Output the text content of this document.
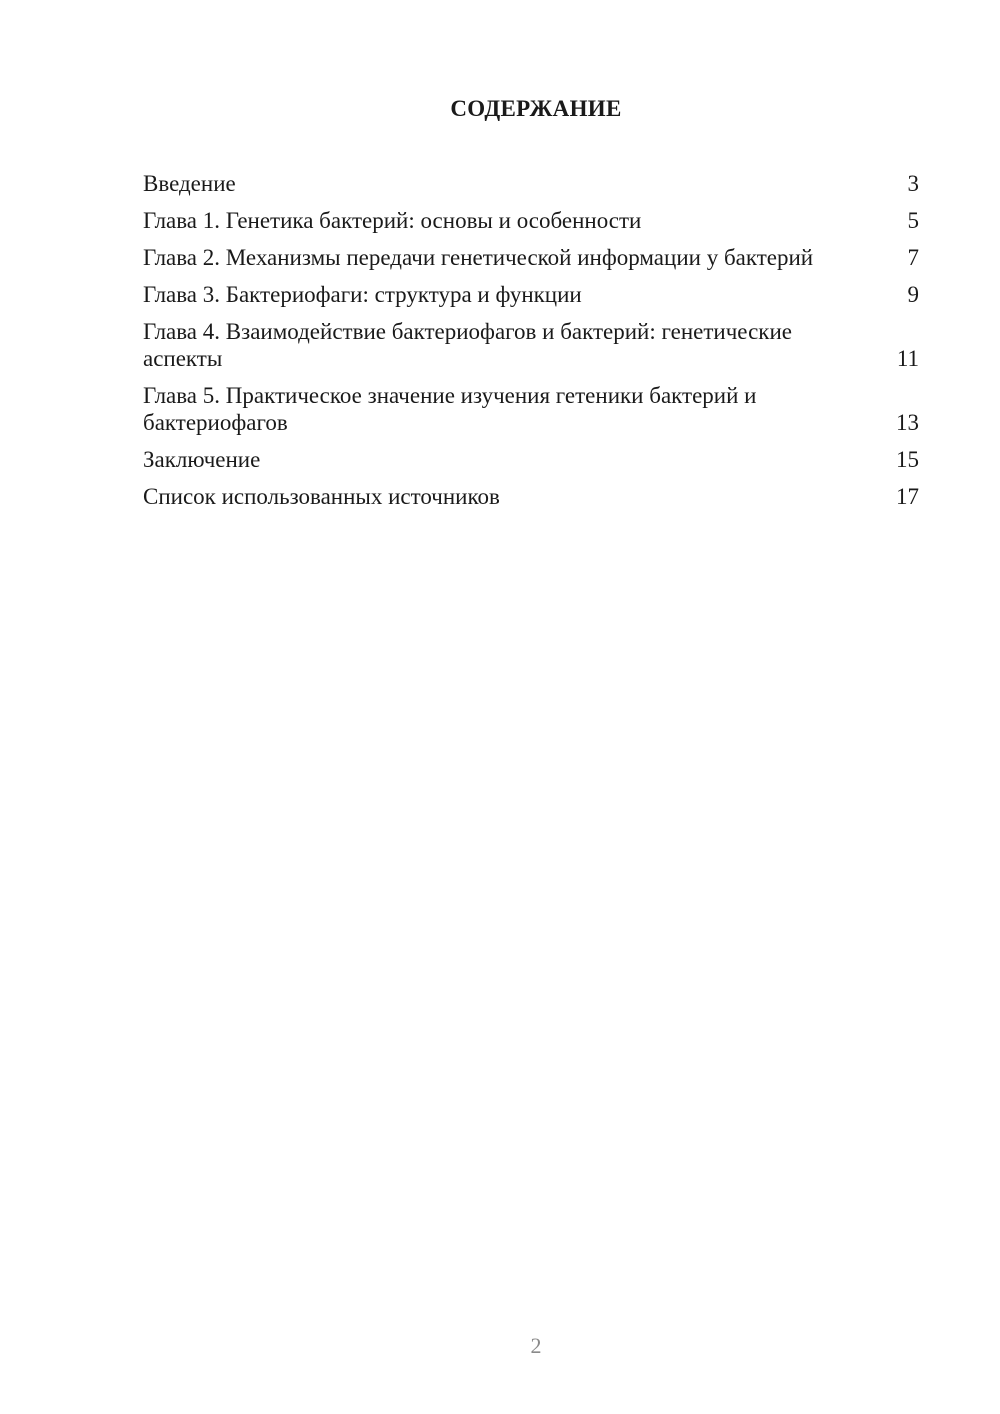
СОДЕРЖАНИЕ
Введение	3
Глава 1. Генетика бактерий: основы и особенности	5
Глава 2. Механизмы передачи генетической информации у бактерий	7
Глава 3. Бактериофаги: структура и функции	9
Глава 4. Взаимодействие бактериофагов и бактерий: генетические аспекты	11
Глава 5. Практическое значение изучения гетеники бактерий и бактериофагов	13
Заключение	15
Список использованных источников	17
2
